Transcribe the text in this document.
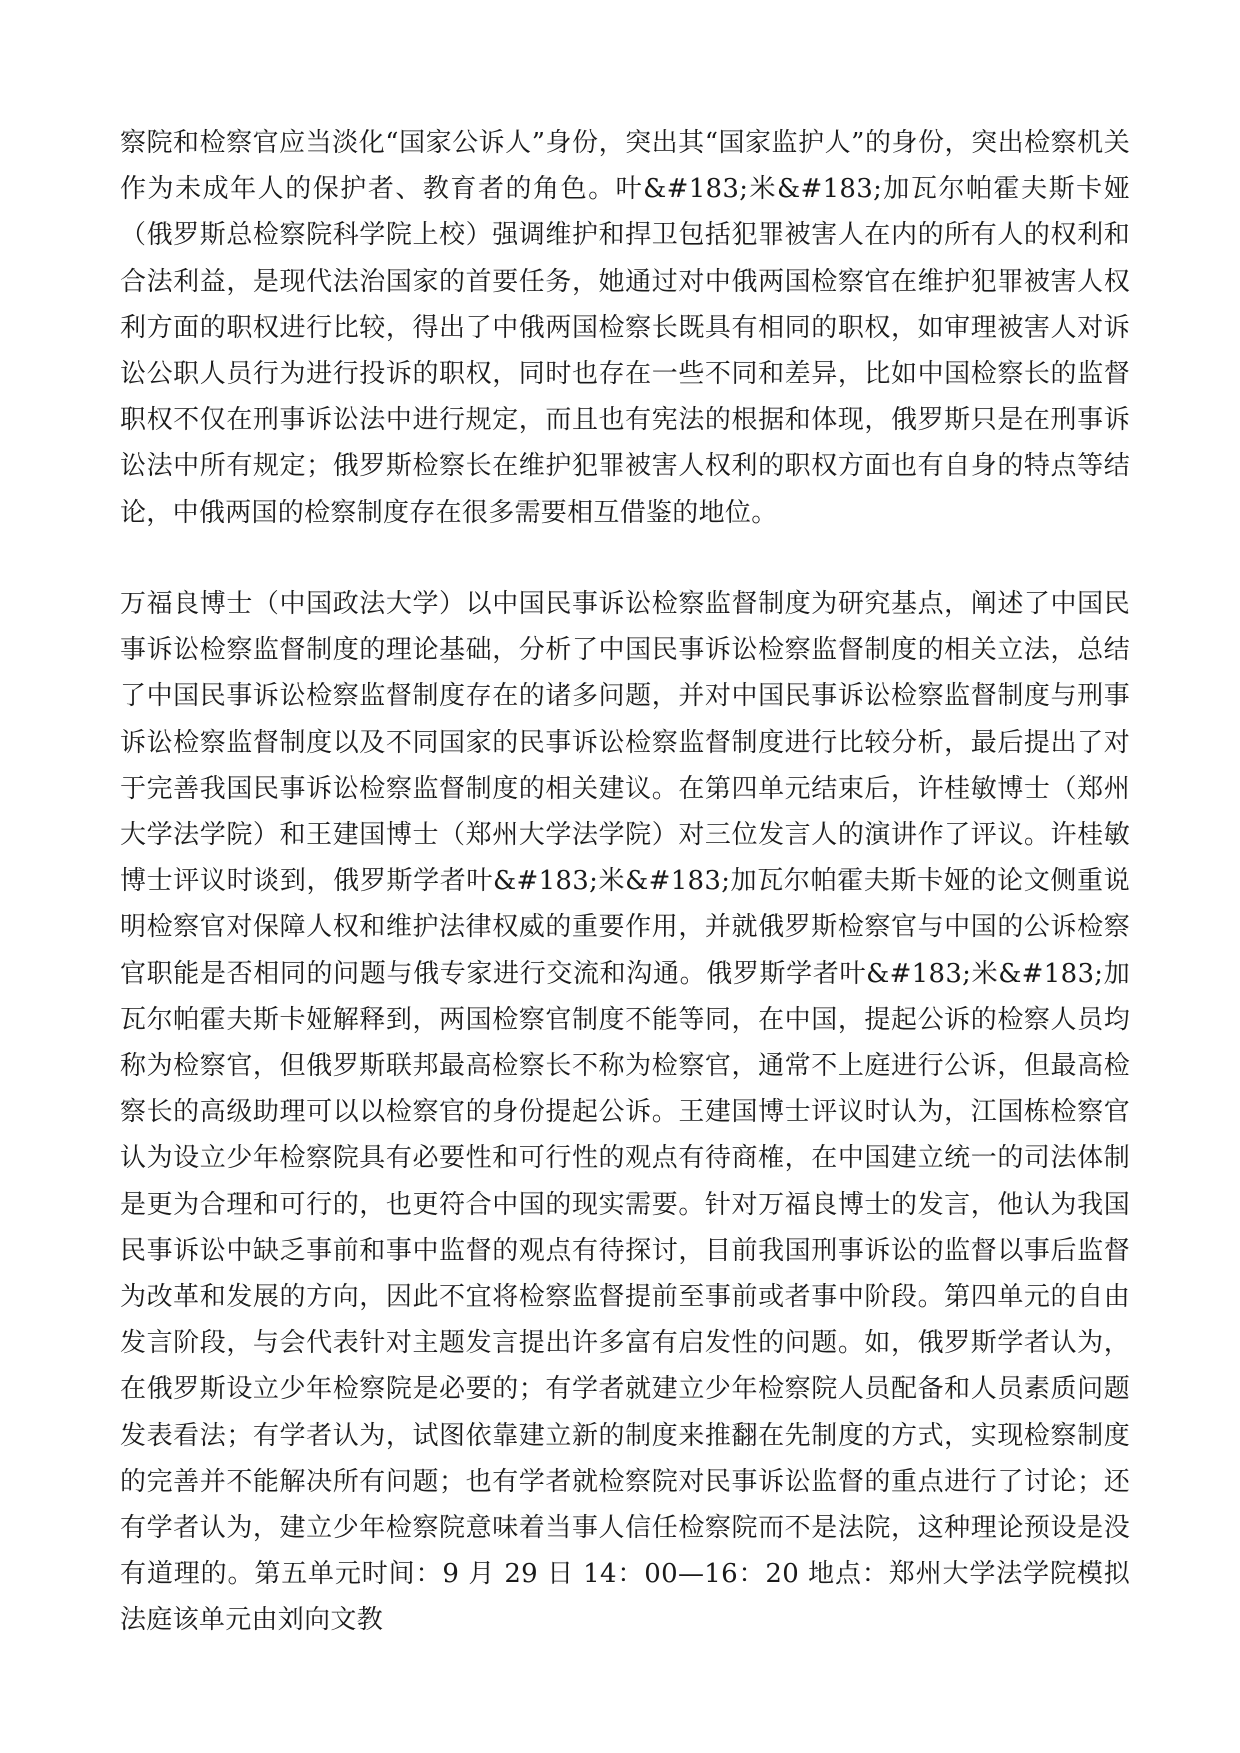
察院和检察官应当淡化“国家公诉人”身份，突出其“国家监护人”的身份，突出检察机关作为未成年人的保护者、教育者的角色。叶&#183;米&#183;加瓦尔帕霍夫斯卡娅（俄罗斯总检察院科学院上校）强调维护和捍卫包括犯罪被害人在内的所有人的权利和合法利益，是现代法治国家的首要任务，她通过对中俄两国检察官在维护犯罪被害人权利方面的职权进行比较，得出了中俄两国检察长既具有相同的职权，如审理被害人对诉讼公职人员行为进行投诉的职权，同时也存在一些不同和差异，比如中国检察长的监督职权不仅在刑事诉讼法中进行规定，而且也有宪法的根据和体现，俄罗斯只是在刑事诉讼法中所有规定；俄罗斯检察长在维护犯罪被害人权利的职权方面也有自身的特点等结论，中俄两国的检察制度存在很多需要相互借鉴的地位。

万福良博士（中国政法大学）以中国民事诉讼检察监督制度为研究基点，阐述了中国民事诉讼检察监督制度的理论基础，分析了中国民事诉讼检察监督制度的相关立法，总结了中国民事诉讼检察监督制度存在的诸多问题，并对中国民事诉讼检察监督制度与刑事诉讼检察监督制度以及不同国家的民事诉讼检察监督制度进行比较分析，最后提出了对于完善我国民事诉讼检察监督制度的相关建议。在第四单元结束后，许桂敏博士（郑州大学法学院）和王建国博士（郑州大学法学院）对三位发言人的演讲作了评议。许桂敏博士评议时谈到，俄罗斯学者叶&#183;米&#183;加瓦尔帕霍夫斯卡娅的论文侧重说明检察官对保障人权和维护法律权威的重要作用，并就俄罗斯检察官与中国的公诉检察官职能是否相同的问题与俄专家进行交流和沟通。俄罗斯学者叶&#183;米&#183;加瓦尔帕霍夫斯卡娅解释到，两国检察官制度不能等同，在中国，提起公诉的检察人员均称为检察官，但俄罗斯联邦最高检察长不称为检察官，通常不上庭进行公诉，但最高检察长的高级助理可以以检察官的身份提起公诉。王建国博士评议时认为，江国栋检察官认为设立少年检察院具有必要性和可行性的观点有待商榷，在中国建立统一的司法体制是更为合理和可行的，也更符合中国的现实需要。针对万福良博士的发言，他认为我国民事诉讼中缺乏事前和事中监督的观点有待探讨，目前我国刑事诉讼的监督以事后监督为改革和发展的方向，因此不宜将检察监督提前至事前或者事中阶段。第四单元的自由发言阶段，与会代表针对主题发言提出许多富有启发性的问题。如，俄罗斯学者认为，在俄罗斯设立少年检察院是必要的；有学者就建立少年检察院人员配备和人员素质问题发表看法；有学者认为，试图依靠建立新的制度来推翻在先制度的方式，实现检察制度的完善并不能解决所有问题；也有学者就检察院对民事诉讼监督的重点进行了讨论；还有学者认为，建立少年检察院意味着当事人信任检察院而不是法院，这种理论预设是没有道理的。第五单元时间：9 月 29 日 14：00—16：20 地点：郑州大学法学院模拟法庭该单元由刘向文教
